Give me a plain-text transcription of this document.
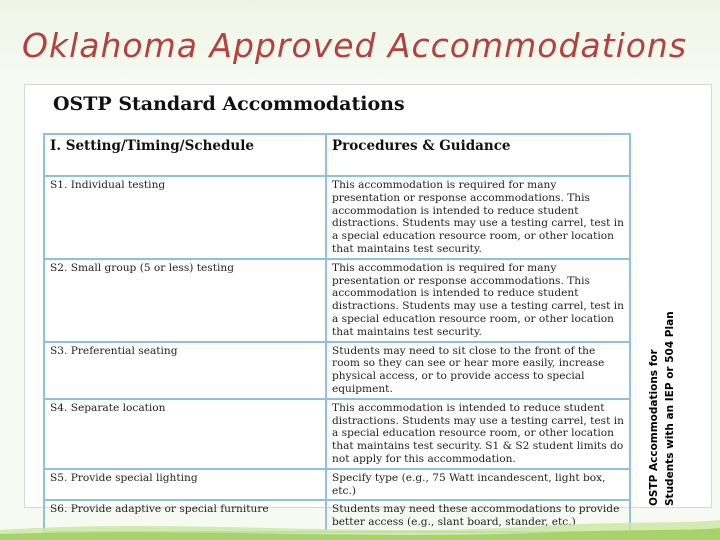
Oklahoma Approved Accommodations
OSTP Standard Accommodations
I. Setting/Timing/Schedule	Procedures & Guidance
S1. Individual testing	This accommodation is required for many presentation or response accommodations. This accommodation is intended to reduce student distractions. Students may use a testing carrel, test in a special education resource room, or other location that maintains test security.
S2. Small group (5 or less) testing	This accommodation is required for many presentation or response accommodations. This accommodation is intended to reduce student distractions. Students may use a testing carrel, test in a special education resource room, or other location that maintains test security.
S3. Preferential seating	Students may need to sit close to the front of the room so they can see or hear more easily, increase physical access, or to provide access to special equipment.
S4. Separate location	This accommodation is intended to reduce student distractions. Students may use a testing carrel, test in a special education resource room, or other location that maintains test security. S1 & S2 student limits do not apply for this accommodation.
S5. Provide special lighting	Specify type (e.g., 75 Watt incandescent, light box, etc.)
S6. Provide adaptive or special furniture	Students may need these accommodations to provide better access (e.g., slant board, stander, etc.)
OSTP Accommodations for Students with an IEP or 504 Plan
